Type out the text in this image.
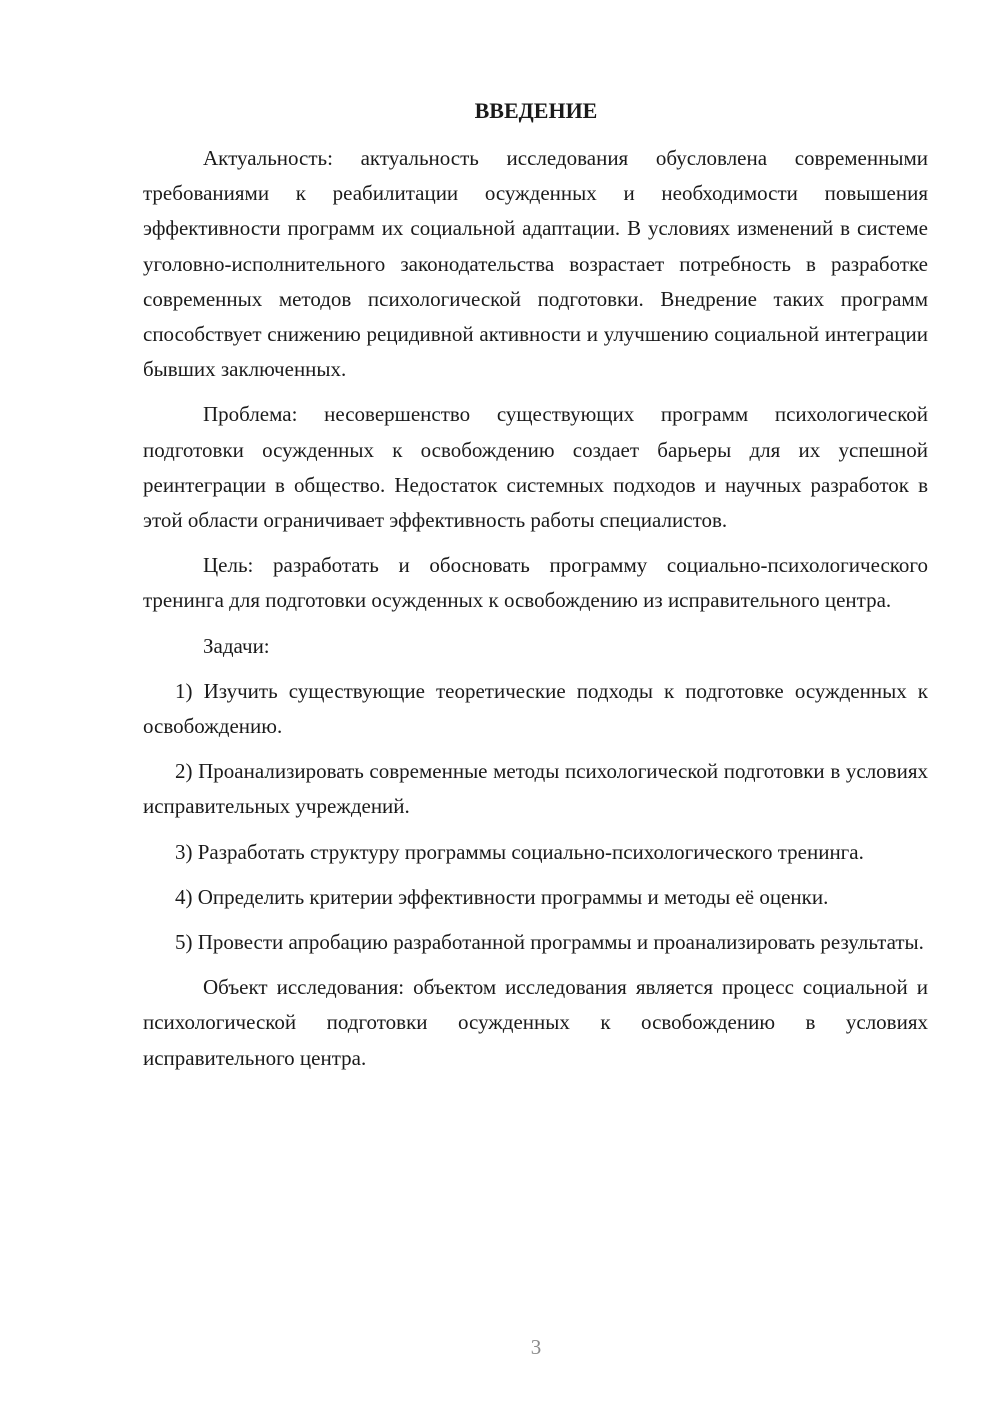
ВВЕДЕНИЕ

Актуальность: актуальность исследования обусловлена современными требованиями к реабилитации осужденных и необходимости повышения эффективности программ их социальной адаптации. В условиях изменений в системе уголовно-исполнительного законодательства возрастает потребность в разработке современных методов психологической подготовки. Внедрение таких программ способствует снижению рецидивной активности и улучшению социальной интеграции бывших заключенных.

Проблема: несовершенство существующих программ психологической подготовки осужденных к освобождению создает барьеры для их успешной реинтеграции в общество. Недостаток системных подходов и научных разработок в этой области ограничивает эффективность работы специалистов.

Цель: разработать и обосновать программу социально-психологического тренинга для подготовки осужденных к освобождению из исправительного центра.

Задачи:

1) Изучить существующие теоретические подходы к подготовке осужденных к освобождению.

2) Проанализировать современные методы психологической подготовки в условиях исправительных учреждений.

3) Разработать структуру программы социально-психологического тренинга.

4) Определить критерии эффективности программы и методы её оценки.

5) Провести апробацию разработанной программы и проанализировать результаты.

Объект исследования: объектом исследования является процесс социальной и психологической подготовки осужденных к освобождению в условиях исправительного центра.

3
